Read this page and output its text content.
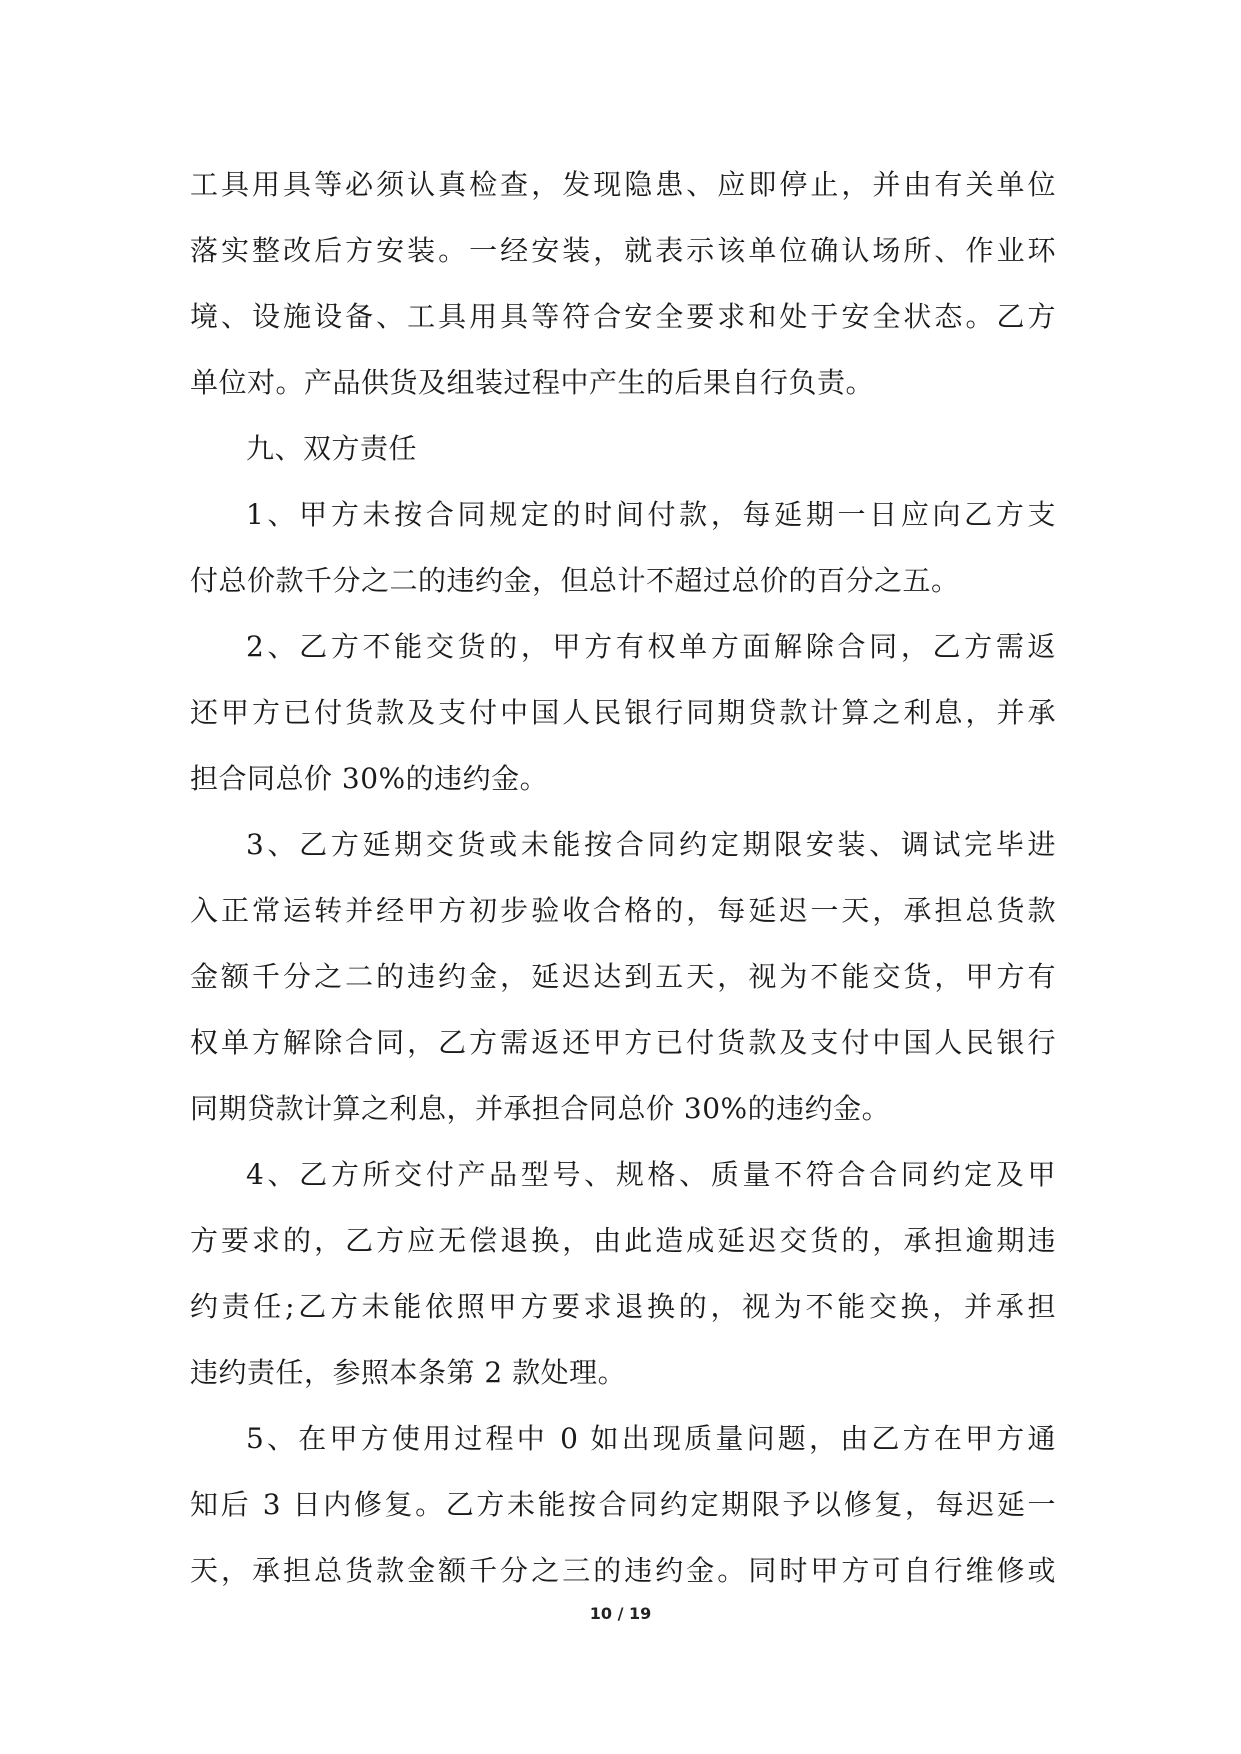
工具用具等必须认真检查，发现隐患、应即停止，并由有关单位
落实整改后方安装。一经安装，就表示该单位确认场所、作业环
境、设施设备、工具用具等符合安全要求和处于安全状态。乙方
单位对。产品供货及组装过程中产生的后果自行负责。
九、双方责任
1、甲方未按合同规定的时间付款，每延期一日应向乙方支
付总价款千分之二的违约金，但总计不超过总价的百分之五。
2、乙方不能交货的，甲方有权单方面解除合同，乙方需返
还甲方已付货款及支付中国人民银行同期贷款计算之利息，并承
担合同总价 30%的违约金。
3、乙方延期交货或未能按合同约定期限安装、调试完毕进
入正常运转并经甲方初步验收合格的，每延迟一天，承担总货款
金额千分之二的违约金，延迟达到五天，视为不能交货，甲方有
权单方解除合同，乙方需返还甲方已付货款及支付中国人民银行
同期贷款计算之利息，并承担合同总价 30%的违约金。
4、乙方所交付产品型号、规格、质量不符合合同约定及甲
方要求的，乙方应无偿退换，由此造成延迟交货的，承担逾期违
约责任;乙方未能依照甲方要求退换的，视为不能交换，并承担
违约责任，参照本条第 2 款处理。
5、在甲方使用过程中 0 如出现质量问题，由乙方在甲方通
知后 3 日内修复。乙方未能按合同约定期限予以修复，每迟延一
天，承担总货款金额千分之三的违约金。同时甲方可自行维修或
10 / 19
